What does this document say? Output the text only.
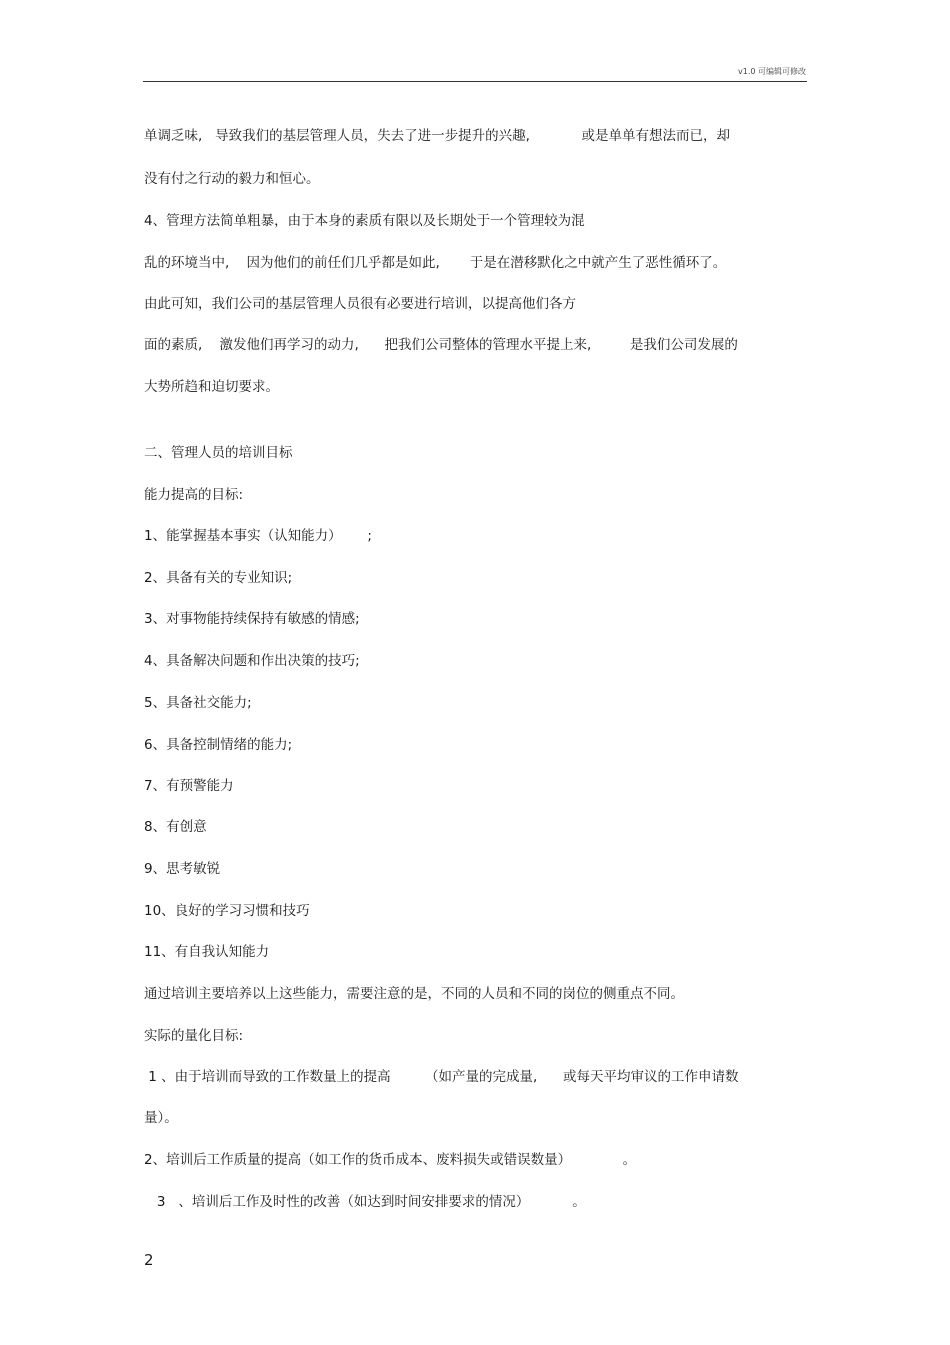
v1.0 可编辑可修改
单调乏味,   导致我们的基层管理人员，失去了进一步提升的兴趣,            或是单单有想法而已，却
没有付之行动的毅力和恒心。
4、管理方法简单粗暴，由于本身的素质有限以及长期处于一个管理较为混
乱的环境当中,    因为他们的前任们几乎都是如此,       于是在潜移默化之中就产生了恶性循环了。
由此可知，我们公司的基层管理人员很有必要进行培训，以提高他们各方
面的素质,    激发他们再学习的动力,      把我们公司整体的管理水平提上来,         是我们公司发展的
大势所趋和迫切要求。
二、管理人员的培训目标
能力提高的目标:
1、能掌握基本事实（认知能力）      ;
2、具备有关的专业知识;
3、对事物能持续保持有敏感的情感;
4、具备解决问题和作出决策的技巧;
5、具备社交能力;
6、具备控制情绪的能力;
7、有预警能力
8、有创意
9、思考敏锐
10、良好的学习习惯和技巧
11、有自我认知能力
通过培训主要培养以上这些能力，需要注意的是，不同的人员和不同的岗位的侧重点不同。
实际的量化目标:
1 、由于培训而导致的工作数量上的提高        （如产量的完成量,      或每天平均审议的工作申请数
量）。
2、培训后工作质量的提高（如工作的货币成本、废料损失或错误数量）            。
3   、培训后工作及时性的改善（如达到时间安排要求的情况）          。
2
